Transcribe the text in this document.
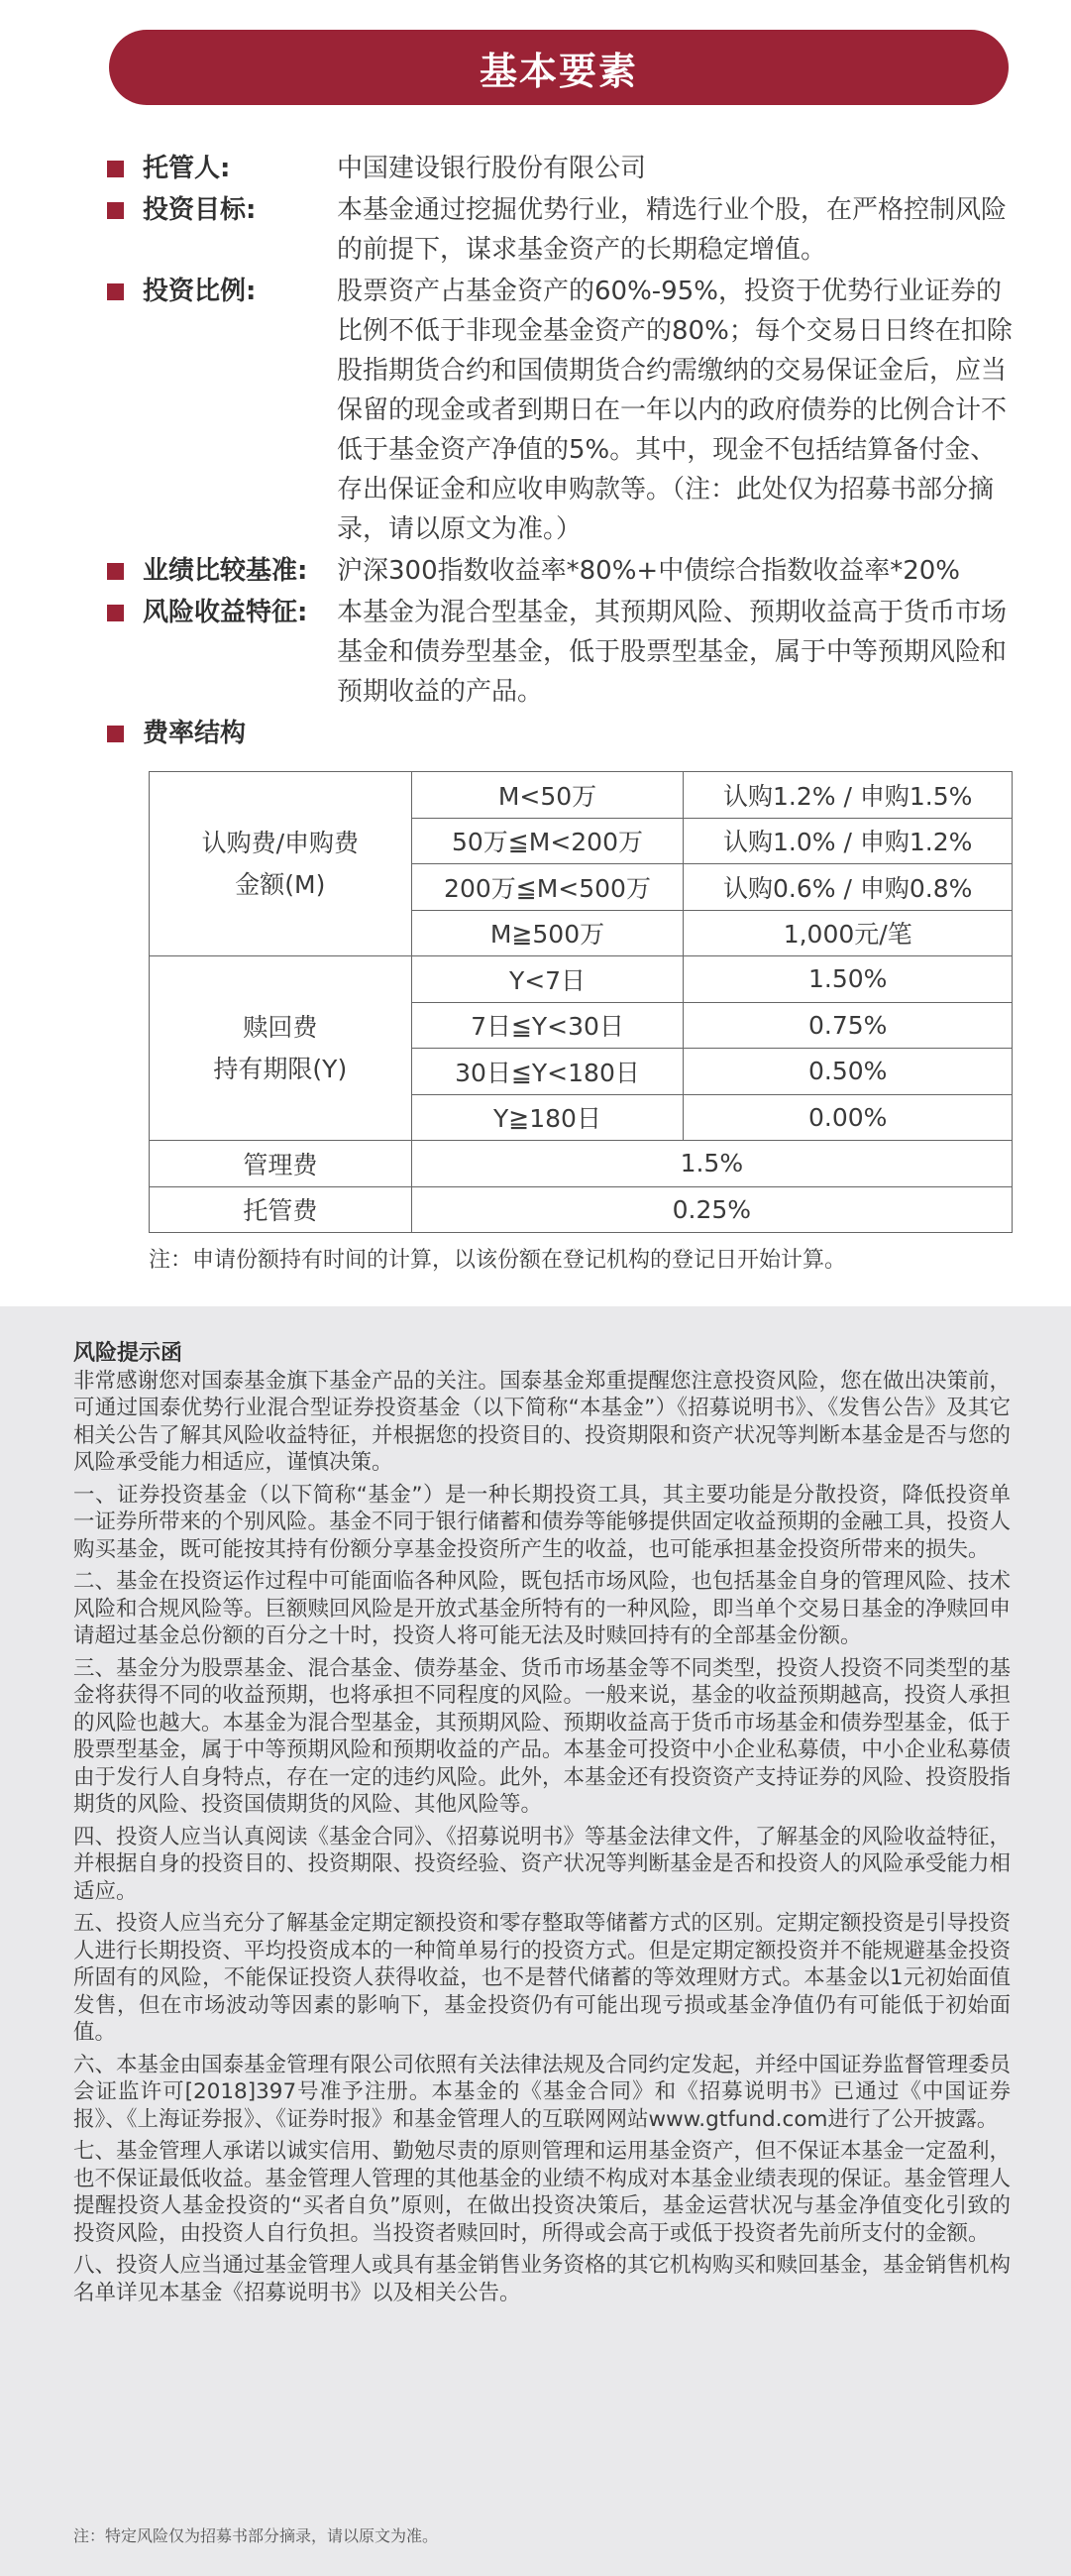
基本要素
托管人:	中国建设银行股份有限公司
投资目标:	本基金通过挖掘优势行业，精选行业个股，在严格控制风险的前提下，谋求基金资产的长期稳定增值。
投资比例:	股票资产占基金资产的60%-95%，投资于优势行业证券的比例不低于非现金基金资产的80%；每个交易日日终在扣除股指期货合约和国债期货合约需缴纳的交易保证金后，应当保留的现金或者到期日在一年以内的政府债券的比例合计不低于基金资产净值的5%。其中，现金不包括结算备付金、存出保证金和应收申购款等。（注：此处仅为招募书部分摘录，请以原文为准。）
业绩比较基准:	沪深300指数收益率*80%+中债综合指数收益率*20%
风险收益特征:	本基金为混合型基金，其预期风险、预期收益高于货币市场基金和债券型基金，低于股票型基金，属于中等预期风险和预期收益的产品。
费率结构
认购费/申购费
金额(M)	M<50万	认购1.2% / 申购1.5%
	50万≦M<200万	认购1.0% / 申购1.2%
	200万≦M<500万	认购0.6% / 申购0.8%
	M≧500万	1,000元/笔

赎回费
持有期限(Y)	Y<7日	1.50%
	7日≦Y<30日	0.75%
	30日≦Y<180日	0.50%
	Y≧180日	0.00%
管理费	1.5%	
托管费	0.25%	
注：申请份额持有时间的计算，以该份额在登记机构的登记日开始计算。
风险提示函

非常感谢您对国泰基金旗下基金产品的关注。国泰基金郑重提醒您注意投资风险，您在做出决策前，可通过国泰优势行业混合型证券投资基金（以下简称“本基金”）《招募说明书》、《发售公告》及其它相关公告了解其风险收益特征，并根据您的投资目的、投资期限和资产状况等判断本基金是否与您的风险承受能力相适应，谨慎决策。

一、证券投资基金（以下简称“基金”）是一种长期投资工具，其主要功能是分散投资，降低投资单一证券所带来的个别风险。基金不同于银行储蓄和债券等能够提供固定收益预期的金融工具，投资人购买基金，既可能按其持有份额分享基金投资所产生的收益，也可能承担基金投资所带来的损失。

二、基金在投资运作过程中可能面临各种风险，既包括市场风险，也包括基金自身的管理风险、技术风险和合规风险等。巨额赎回风险是开放式基金所特有的一种风险，即当单个交易日基金的净赎回申请超过基金总份额的百分之十时，投资人将可能无法及时赎回持有的全部基金份额。

三、基金分为股票基金、混合基金、债券基金、货币市场基金等不同类型，投资人投资不同类型的基金将获得不同的收益预期，也将承担不同程度的风险。一般来说，基金的收益预期越高，投资人承担的风险也越大。本基金为混合型基金，其预期风险、预期收益高于货币市场基金和债券型基金，低于股票型基金，属于中等预期风险和预期收益的产品。本基金可投资中小企业私募债，中小企业私募债由于发行人自身特点，存在一定的违约风险。此外，本基金还有投资资产支持证券的风险、投资股指期货的风险、投资国债期货的风险、其他风险等。

四、投资人应当认真阅读《基金合同》、《招募说明书》等基金法律文件，了解基金的风险收益特征，并根据自身的投资目的、投资期限、投资经验、资产状况等判断基金是否和投资人的风险承受能力相适应。

五、投资人应当充分了解基金定期定额投资和零存整取等储蓄方式的区别。定期定额投资是引导投资人进行长期投资、平均投资成本的一种简单易行的投资方式。但是定期定额投资并不能规避基金投资所固有的风险，不能保证投资人获得收益，也不是替代储蓄的等效理财方式。本基金以1元初始面值发售，但在市场波动等因素的影响下，基金投资仍有可能出现亏损或基金净值仍有可能低于初始面值。

六、本基金由国泰基金管理有限公司依照有关法律法规及合同约定发起，并经中国证券监督管理委员会证监许可[2018]397号准予注册。本基金的《基金合同》和《招募说明书》已通过《中国证券报》、《上海证券报》、《证券时报》和基金管理人的互联网网站www.gtfund.com进行了公开披露。

七、基金管理人承诺以诚实信用、勤勉尽责的原则管理和运用基金资产，但不保证本基金一定盈利，也不保证最低收益。基金管理人管理的其他基金的业绩不构成对本基金业绩表现的保证。基金管理人提醒投资人基金投资的“买者自负”原则，在做出投资决策后，基金运营状况与基金净值变化引致的投资风险，由投资人自行负担。当投资者赎回时，所得或会高于或低于投资者先前所支付的金额。

八、投资人应当通过基金管理人或具有基金销售业务资格的其它机构购买和赎回基金，基金销售机构名单详见本基金《招募说明书》以及相关公告。

注：特定风险仅为招募书部分摘录，请以原文为准。
